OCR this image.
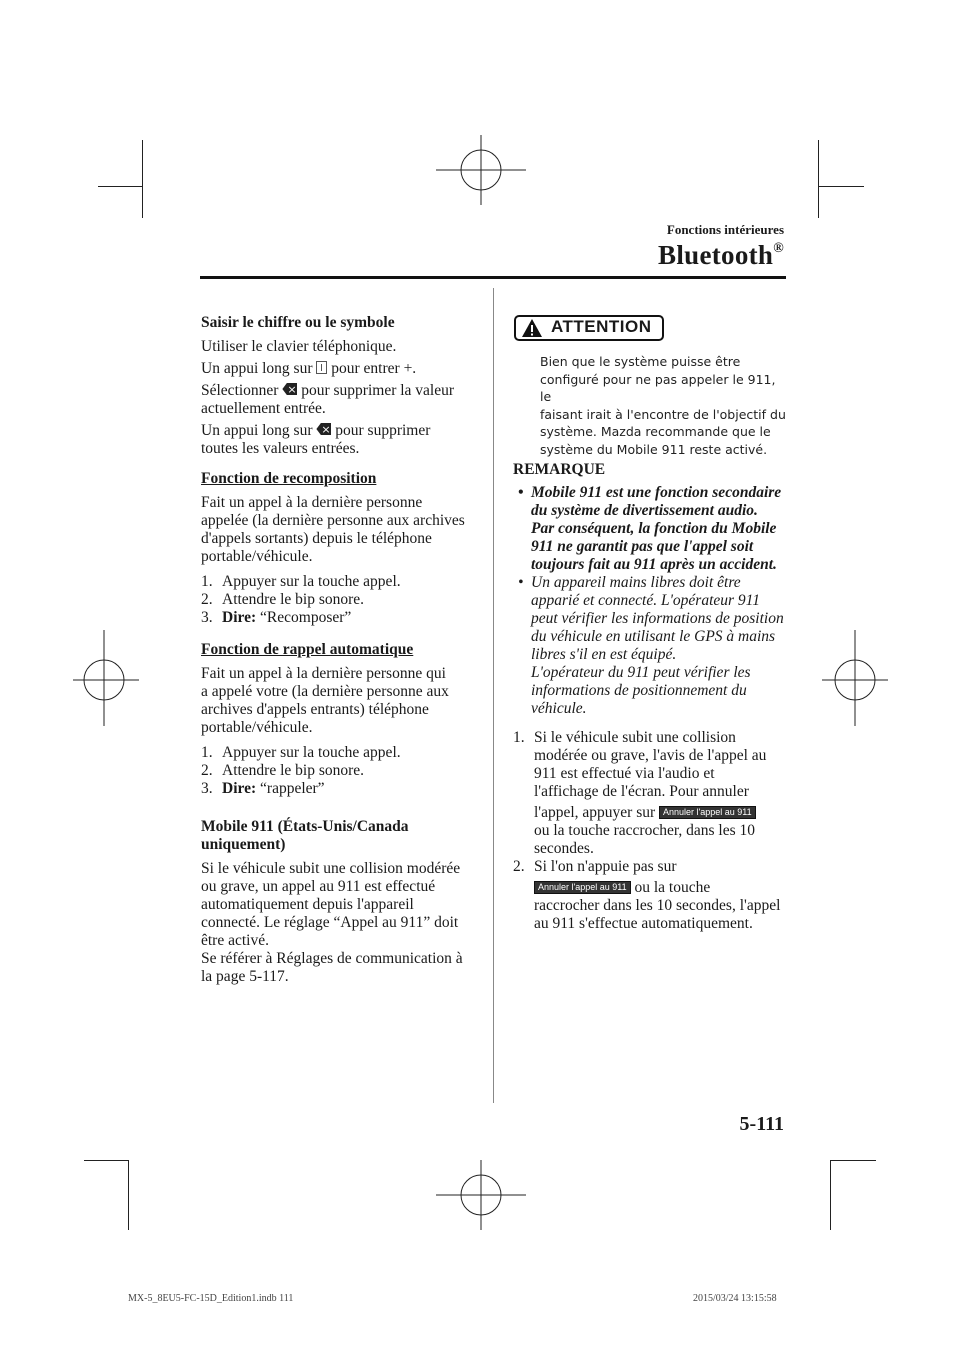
Fonctions intérieures
Bluetooth®

Saisir le chiffre ou le symbole

Utiliser le clavier téléphonique.

Un appui long sur  pour entrer +.

Sélectionner × pour supprimer la valeur

actuellement entrée.

Un appui long sur × pour supprimer

toutes les valeurs entrées.

Fonction de recomposition

Fait un appel à la dernière personne

appelée (la dernière personne aux archives

d'appels sortants) depuis le téléphone

portable/véhicule.

1. Appuyer sur la touche appel.
2. Attendre le bip sonore.
3. Dire: “Recomposer”

Fonction de rappel automatique

Fait un appel à la dernière personne qui

a appelé votre (la dernière personne aux

archives d'appels entrants) téléphone

portable/véhicule.

1. Appuyer sur la touche appel.
2. Attendre le bip sonore.
3. Dire: “rappeler”

Mobile 911 (États-Unis/Canada

uniquement)

Si le véhicule subit une collision modérée

ou grave, un appel au 911 est effectué

automatiquement depuis l'appareil

connecté. Le réglage “Appel au 911” doit

être activé.

Se référer à Réglages de communication à

la page 5-117.

ATTENTION
Bien que le système puisse être
configuré pour ne pas appeler le 911, le
faisant irait à l'encontre de l'objectif du
système. Mazda recommande que le
système du Mobile 911 reste activé.

REMARQUE

• Mobile 911 est une fonction secondaire
du système de divertissement audio.
Par conséquent, la fonction du Mobile
911 ne garantit pas que l'appel soit
toujours fait au 911 après un accident.
• Un appareil mains libres doit être
apparié et connecté. L'opérateur 911
peut vérifier les informations de position
du véhicule en utilisant le GPS à mains
libres s'il en est équipé.
L'opérateur du 911 peut vérifier les
informations de positionnement du
véhicule.
1. Si le véhicule subit une collision
modérée ou grave, l'avis de l'appel au
911 est effectué via l'audio et
l'affichage de l'écran. Pour annuler
l'appel, appuyer sur Annuler l'appel au 911
ou la touche raccrocher, dans les 10
secondes.
2. Si l'on n'appuie pas sur
Annuler l'appel au 911 ou la touche
raccrocher dans les 10 secondes, l'appel
au 911 s'effectue automatiquement.
5-111
MX-5_8EU5-FC-15D_Edition1.indb 111	2015/03/24 13:15:58
